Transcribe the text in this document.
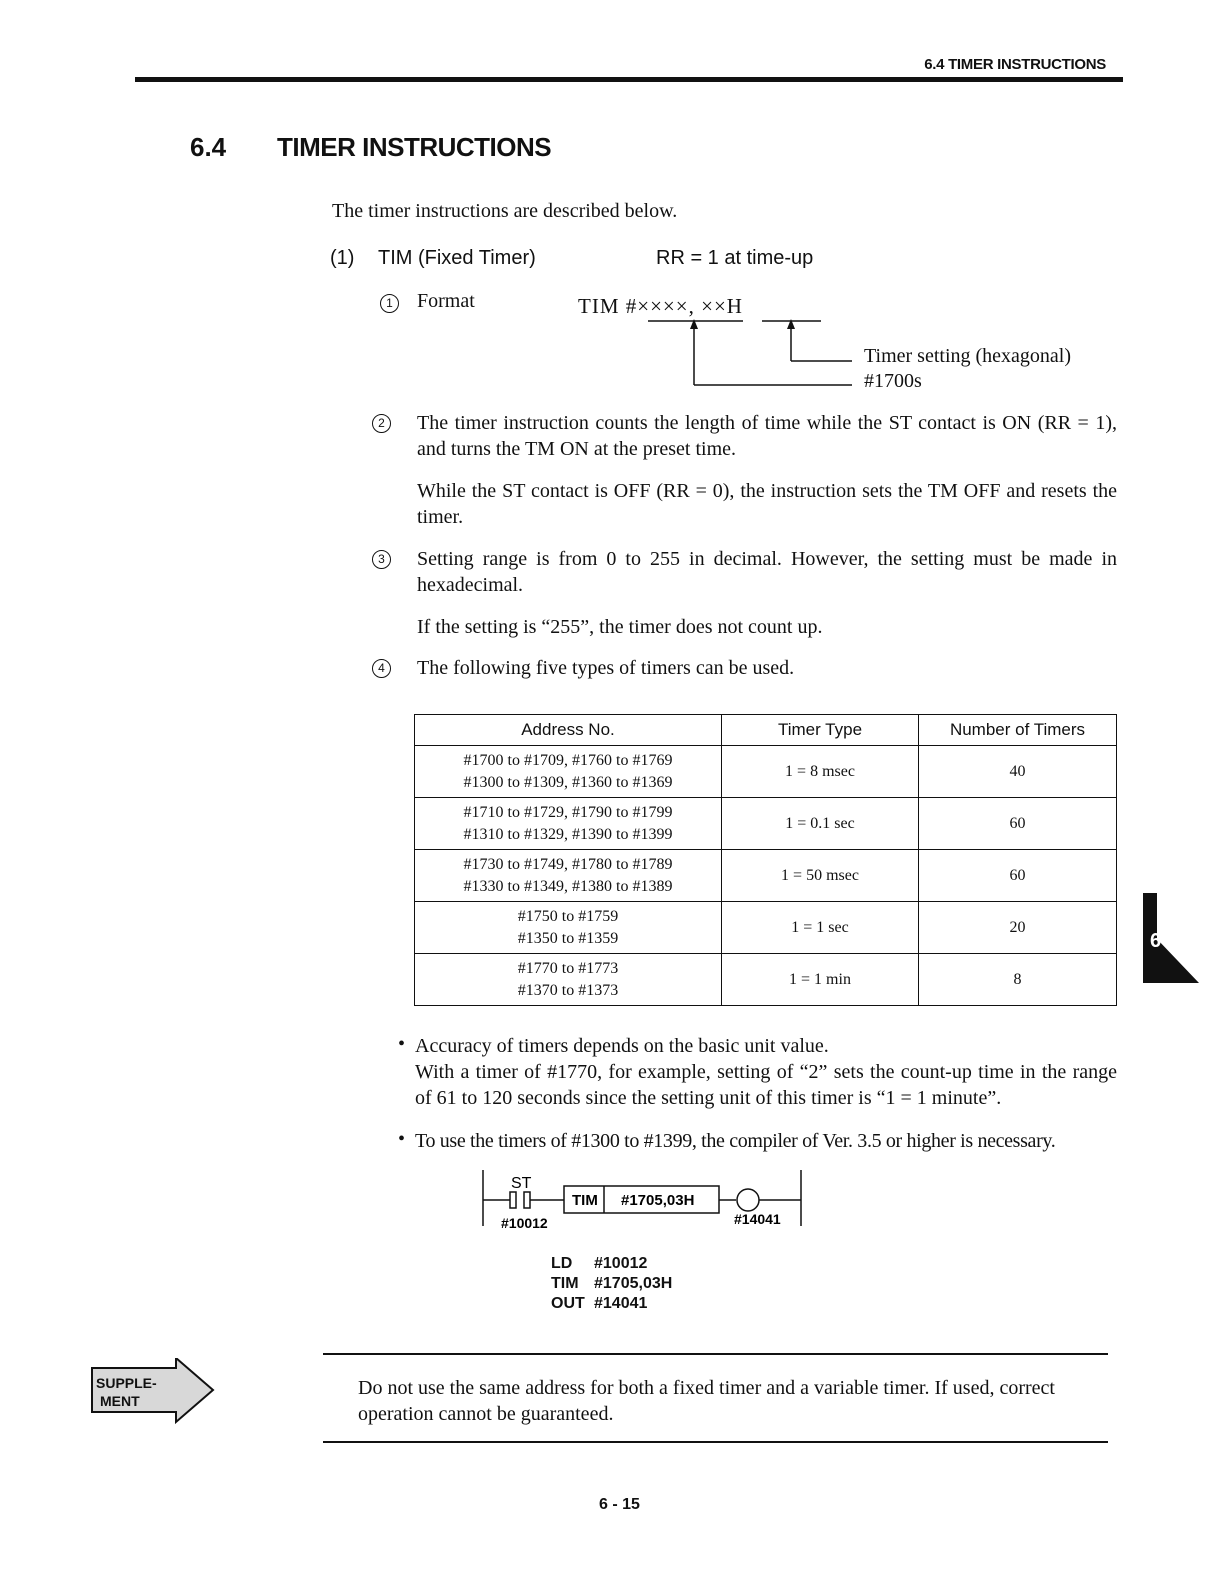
6.4 TIMER INSTRUCTIONS
6.4 TIMER INSTRUCTIONS
The timer instructions are described below.
(1) TIM (Fixed Timer)	RR = 1 at time-up
1	Format	TIM #××××, ××H
Timer setting (hexagonal)
#1700s
2	The timer instruction counts the length of time while the ST contact is ON (RR = 1), and turns the TM ON at the preset time.
While the ST contact is OFF (RR = 0), the instruction sets the TM OFF and resets the timer.
3	Setting range is from 0 to 255 in decimal. However, the setting must be made in hexadecimal.
If the setting is “255”, the timer does not count up.
4	The following five types of timers can be used.
Address No.	Timer Type	Number of Timers

#1700 to #1709, #1760 to #1769
#1300 to #1309, #1360 to #1369	1 = 8 msec	40

#1710 to #1729, #1790 to #1799
#1310 to #1329, #1390 to #1399	1 = 0.1 sec	60

#1730 to #1749, #1780 to #1789
#1330 to #1349, #1380 to #1389	1 = 50 msec	60

#1750 to #1759
#1350 to #1359	1 = 1 sec	20

#1770 to #1773
#1370 to #1373	1 = 1 min	8
• Accuracy of timers depends on the basic unit value.
With a timer of #1770, for example, setting of “2” sets the count-up time in the range of 61 to 120 seconds since the setting unit of this timer is “1 = 1 minute”.
• To use the timers of #1300 to #1399, the compiler of Ver. 3.5 or higher is necessary.
ST
#10012
TIM #1705,03H
#14041
LD #10012
TIM #1705,03H
OUT #14041
SUPPLE-
MENT
Do not use the same address for both a fixed timer and a variable timer. If used, correct operation cannot be guaranteed.
6 - 15
6
